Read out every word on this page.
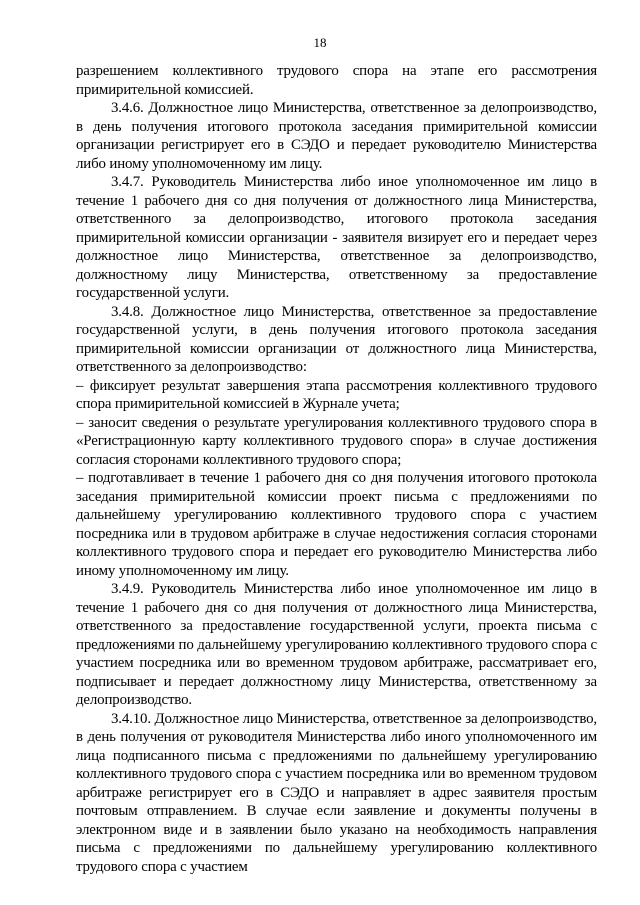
18

разрешением коллективного трудового спора на этапе его рассмотрения примирительной комиссией.

3.4.6. Должностное лицо Министерства, ответственное за делопроизводство, в день получения итогового протокола заседания примирительной комиссии организации регистрирует его в СЭДО и передает руководителю Министерства либо иному уполномоченному им лицу.

3.4.7. Руководитель Министерства либо иное уполномоченное им лицо в течение 1 рабочего дня со дня получения от должностного лица Министерства, ответственного за делопроизводство, итогового протокола заседания примирительной комиссии организации - заявителя визирует его и передает через должностное лицо Министерства, ответственное за делопроизводство, должностному лицу Министерства, ответственному за предоставление государственной услуги.

3.4.8. Должностное лицо Министерства, ответственное за предоставление государственной услуги, в день получения итогового протокола заседания примирительной комиссии организации от должностного лица Министерства, ответственного за делопроизводство:

– фиксирует результат завершения этапа рассмотрения коллективного трудового спора примирительной комиссией в Журнале учета;

– заносит сведения о результате урегулирования коллективного трудового спора в «Регистрационную карту коллективного трудового спора» в случае достижения согласия сторонами коллективного трудового спора;

– подготавливает в течение 1 рабочего дня со дня получения итогового протокола заседания примирительной комиссии проект письма с предложениями по дальнейшему урегулированию коллективного трудового спора с участием посредника или в трудовом арбитраже в случае недостижения согласия сторонами коллективного трудового спора и передает его руководителю Министерства либо иному уполномоченному им лицу.

3.4.9. Руководитель Министерства либо иное уполномоченное им лицо в течение 1 рабочего дня со дня получения от должностного лица Министерства, ответственного за предоставление государственной услуги, проекта письма с предложениями по дальнейшему урегулированию коллективного трудового спора с участием посредника или во временном трудовом арбитраже, рассматривает его, подписывает и передает должностному лицу Министерства, ответственному за делопроизводство.

3.4.10. Должностное лицо Министерства, ответственное за делопроизводство, в день получения от руководителя Министерства либо иного уполномоченного им лица подписанного письма с предложениями по дальнейшему урегулированию коллективного трудового спора с участием посредника или во временном трудовом арбитраже регистрирует его в СЭДО и направляет в адрес заявителя простым почтовым отправлением. В случае если заявление и документы получены в электронном виде и в заявлении было указано на необходимость направления письма с предложениями по дальнейшему урегулированию коллективного трудового спора с участием
